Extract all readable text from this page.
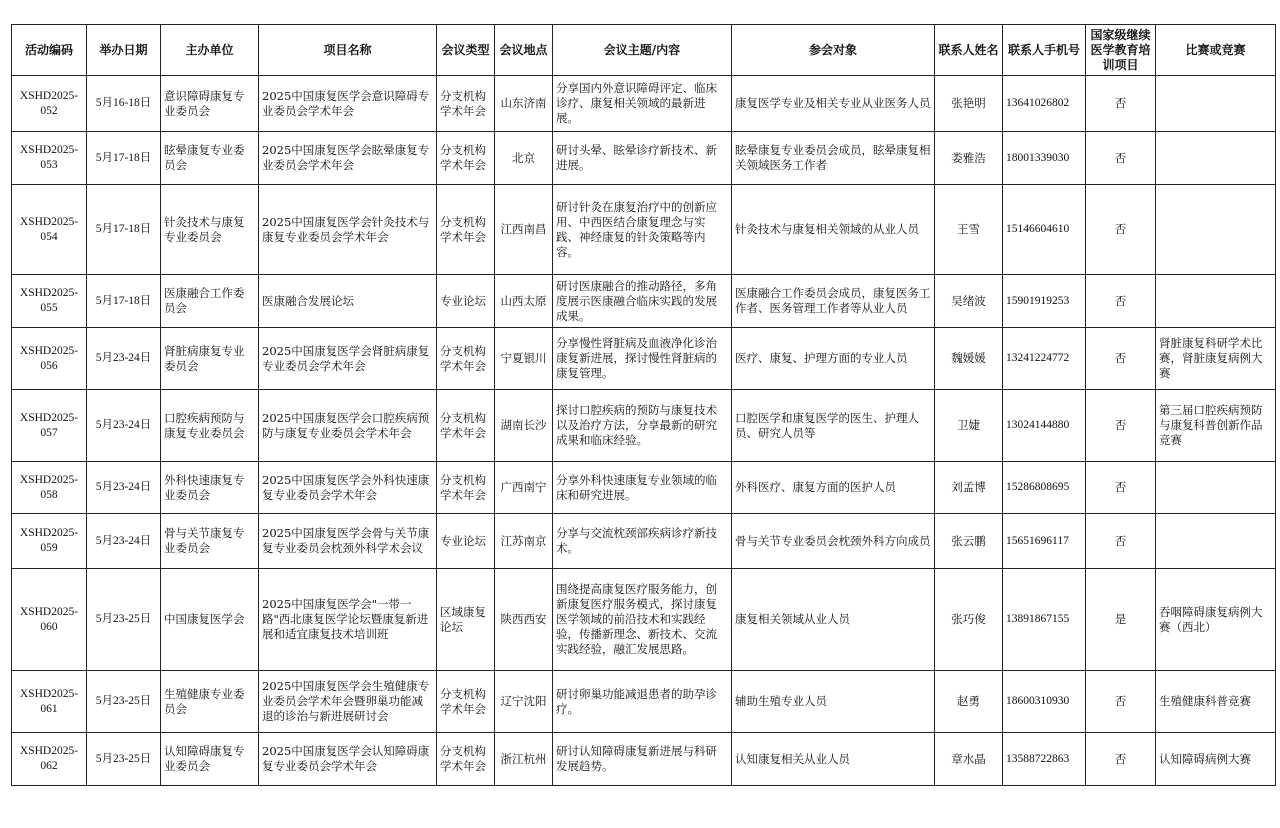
活动编码	举办日期	主办单位	项目名称	会议类型	会议地点	会议主题/内容	参会对象	联系人姓名	联系人手机号	国家级继续医学教育培训项目	比赛或竞赛
XSHD2025-052	5月16-18日	意识障碍康复专业委员会	2025中国康复医学会意识障碍专业委员会学术年会	分支机构学术年会	山东济南	分享国内外意识障碍评定、临床诊疗、康复相关领域的最新进展。	康复医学专业及相关专业从业医务人员	张艳明	13641026802	否	
XSHD2025-053	5月17-18日	眩晕康复专业委员会	2025中国康复医学会眩晕康复专业委员会学术年会	分支机构学术年会	北京	研讨头晕、眩晕诊疗新技术、新进展。	眩晕康复专业委员会成员，眩晕康复相关领域医务工作者	娄雅浩	18001339030	否	
XSHD2025-054	5月17-18日	针灸技术与康复专业委员会	2025中国康复医学会针灸技术与康复专业委员会学术年会	分支机构学术年会	江西南昌	研讨针灸在康复治疗中的创新应用、中西医结合康复理念与实践、神经康复的针灸策略等内容。	针灸技术与康复相关领域的从业人员	王雪	15146604610	否	
XSHD2025-055	5月17-18日	医康融合工作委员会	医康融合发展论坛	专业论坛	山西太原	研讨医康融合的推动路径，多角度展示医康融合临床实践的发展成果。	医康融合工作委员会成员，康复医务工作者、医务管理工作者等从业人员	吴绪波	15901919253	否	
XSHD2025-056	5月23-24日	肾脏病康复专业委员会	2025中国康复医学会肾脏病康复专业委员会学术年会	分支机构学术年会	宁夏银川	分享慢性肾脏病及血液净化诊治康复新进展，探讨慢性肾脏病的康复管理。	医疗、康复、护理方面的专业人员	魏媛媛	13241224772	否	肾脏康复科研学术比赛，肾脏康复病例大赛
XSHD2025-057	5月23-24日	口腔疾病预防与康复专业委员会	2025中国康复医学会口腔疾病预防与康复专业委员会学术年会	分支机构学术年会	湖南长沙	探讨口腔疾病的预防与康复技术以及治疗方法，分享最新的研究成果和临床经验。	口腔医学和康复医学的医生、护理人员、研究人员等	卫婕	13024144880	否	第三届口腔疾病预防与康复科普创新作品竞赛
XSHD2025-058	5月23-24日	外科快速康复专业委员会	2025中国康复医学会外科快速康复专业委员会学术年会	分支机构学术年会	广西南宁	分享外科快速康复专业领域的临床和研究进展。	外科医疗、康复方面的医护人员	刘孟博	15286808695	否	
XSHD2025-059	5月23-24日	骨与关节康复专业委员会	2025中国康复医学会骨与关节康复专业委员会枕颈外科学术会议	专业论坛	江苏南京	分享与交流枕颈部疾病诊疗新技术。	骨与关节专业委员会枕颈外科方向成员	张云鹏	15651696117	否	
XSHD2025-060	5月23-25日	中国康复医学会	2025中国康复医学会"一带一路"西北康复医学论坛暨康复新进展和适宜康复技术培训班	区域康复论坛	陕西西安	围绕提高康复医疗服务能力，创新康复医疗服务模式，探讨康复医学领域的前沿技术和实践经验，传播新理念、新技术、交流实践经验，融汇发展思路。	康复相关领域从业人员	张巧俊	13891867155	是	吞咽障碍康复病例大赛（西北）
XSHD2025-061	5月23-25日	生殖健康专业委员会	2025中国康复医学会生殖健康专业委员会学术年会暨卵巢功能减退的诊治与新进展研讨会	分支机构学术年会	辽宁沈阳	研讨卵巢功能减退患者的助孕诊疗。	辅助生殖专业人员	赵勇	18600310930	否	生殖健康科普竞赛
XSHD2025-062	5月23-25日	认知障碍康复专业委员会	2025中国康复医学会认知障碍康复专业委员会学术年会	分支机构学术年会	浙江杭州	研讨认知障碍康复新进展与科研发展趋势。	认知康复相关从业人员	章水晶	13588722863	否	认知障碍病例大赛
